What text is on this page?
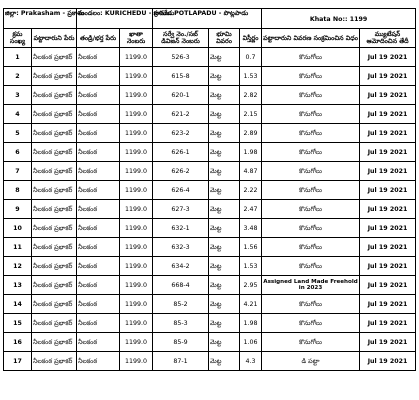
జిల్లా: Prakasham - ప్రకాశం		మండలం: KURICHEDU - కురిచేడు		గ్రామం: POTLAPADU - పొట్లపాడు			Khata No:: 1199	
క్రమ సంఖ్య	పట్టాదారుని పేరు	తండ్రి/భర్త పేరు	ఖాతా నెంబరు	సర్వే నెం./సబ్ డివిజన్ నెంబరు	భూమి వివరం	విస్తీర్ణం	పట్టాదారుని వివరణ సంక్రమించిన విధం	మ్యుటేషన్ ఆమోదించిన తేదీ
1	నీలకంఠ ప్రభాకర్	నీలకంఠ	1199.0	526-3	మెట్ట	0.7	కొనుగోలు	Jul 19 2021
2	నీలకంఠ ప్రభాకర్	నీలకంఠ	1199.0	615-8	మెట్ట	1.53	కొనుగోలు	Jul 19 2021
3	నీలకంఠ ప్రభాకర్	నీలకంఠ	1199.0	620-1	మెట్ట	2.82	కొనుగోలు	Jul 19 2021
4	నీలకంఠ ప్రభాకర్	నీలకంఠ	1199.0	621-2	మెట్ట	2.15	కొనుగోలు	Jul 19 2021
5	నీలకంఠ ప్రభాకర్	నీలకంఠ	1199.0	623-2	మెట్ట	2.89	కొనుగోలు	Jul 19 2021
6	నీలకంఠ ప్రభాకర్	నీలకంఠ	1199.0	626-1	మెట్ట	1.98	కొనుగోలు	Jul 19 2021
7	నీలకంఠ ప్రభాకర్	నీలకంఠ	1199.0	626-2	మెట్ట	4.87	కొనుగోలు	Jul 19 2021
8	నీలకంఠ ప్రభాకర్	నీలకంఠ	1199.0	626-4	మెట్ట	2.22	కొనుగోలు	Jul 19 2021
9	నీలకంఠ ప్రభాకర్	నీలకంఠ	1199.0	627-3	మెట్ట	2.47	కొనుగోలు	Jul 19 2021
10	నీలకంఠ ప్రభాకర్	నీలకంఠ	1199.0	632-1	మెట్ట	3.48	కొనుగోలు	Jul 19 2021
11	నీలకంఠ ప్రభాకర్	నీలకంఠ	1199.0	632-3	మెట్ట	1.56	కొనుగోలు	Jul 19 2021
12	నీలకంఠ ప్రభాకర్	నీలకంఠ	1199.0	634-2	మెట్ట	1.53	కొనుగోలు	Jul 19 2021
13	నీలకంఠ ప్రభాకర్	నీలకంఠ	1199.0	668-4	మెట్ట	2.95	Assigned Land Made Freehold in 2023	Jul 19 2021
14	నీలకంఠ ప్రభాకర్	నీలకంఠ	1199.0	85-2	మెట్ట	4.21	కొనుగోలు	Jul 19 2021
15	నీలకంఠ ప్రభాకర్	నీలకంఠ	1199.0	85-3	మెట్ట	1.98	కొనుగోలు	Jul 19 2021
16	నీలకంఠ ప్రభాకర్	నీలకంఠ	1199.0	85-9	మెట్ట	1.06	కొనుగోలు	Jul 19 2021
17	నీలకంఠ ప్రభాకర్	నీలకంఠ	1199.0	87-1	మెట్ట	4.3	డి పట్టా	Jul 19 2021
